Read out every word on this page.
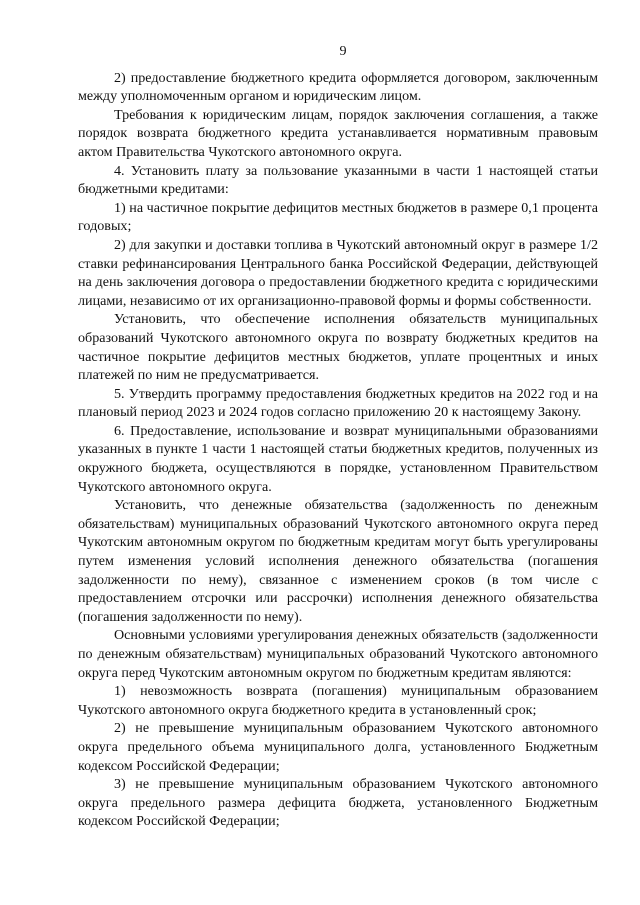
9

2) предоставление бюджетного кредита оформляется договором, заключенным между уполномоченным органом и юридическим лицом.

Требования к юридическим лицам, порядок заключения соглашения, а также порядок возврата бюджетного кредита устанавливается нормативным правовым актом Правительства Чукотского автономного округа.

4. Установить плату за пользование указанными в части 1 настоящей статьи бюджетными кредитами:

1) на частичное покрытие дефицитов местных бюджетов в размере 0,1 процента годовых;

2) для закупки и доставки топлива в Чукотский автономный округ в размере 1/2 ставки рефинансирования Центрального банка Российской Федерации, действующей на день заключения договора о предоставлении бюджетного кредита с юридическими лицами, независимо от их организационно-правовой формы и формы собственности.

Установить, что обеспечение исполнения обязательств муниципальных образований Чукотского автономного округа по возврату бюджетных кредитов на частичное покрытие дефицитов местных бюджетов, уплате процентных и иных платежей по ним не предусматривается.

5. Утвердить программу предоставления бюджетных кредитов на 2022 год и на плановый период 2023 и 2024 годов согласно приложению 20 к настоящему Закону.

6. Предоставление, использование и возврат муниципальными образованиями указанных в пункте 1 части 1 настоящей статьи бюджетных кредитов, полученных из окружного бюджета, осуществляются в порядке, установленном Правительством Чукотского автономного округа.

Установить, что денежные обязательства (задолженность по денежным обязательствам) муниципальных образований Чукотского автономного округа перед Чукотским автономным округом по бюджетным кредитам могут быть урегулированы путем изменения условий исполнения денежного обязательства (погашения задолженности по нему), связанное с изменением сроков (в том числе с предоставлением отсрочки или рассрочки) исполнения денежного обязательства (погашения задолженности по нему).

Основными условиями урегулирования денежных обязательств (задолженности по денежным обязательствам) муниципальных образований Чукотского автономного округа перед Чукотским автономным округом по бюджетным кредитам являются:

1) невозможность возврата (погашения) муниципальным образованием Чукотского автономного округа бюджетного кредита в установленный срок;

2) не превышение муниципальным образованием Чукотского автономного округа предельного объема муниципального долга, установленного Бюджетным кодексом Российской Федерации;

3) не превышение муниципальным образованием Чукотского автономного округа предельного размера дефицита бюджета, установленного Бюджетным кодексом Российской Федерации;
